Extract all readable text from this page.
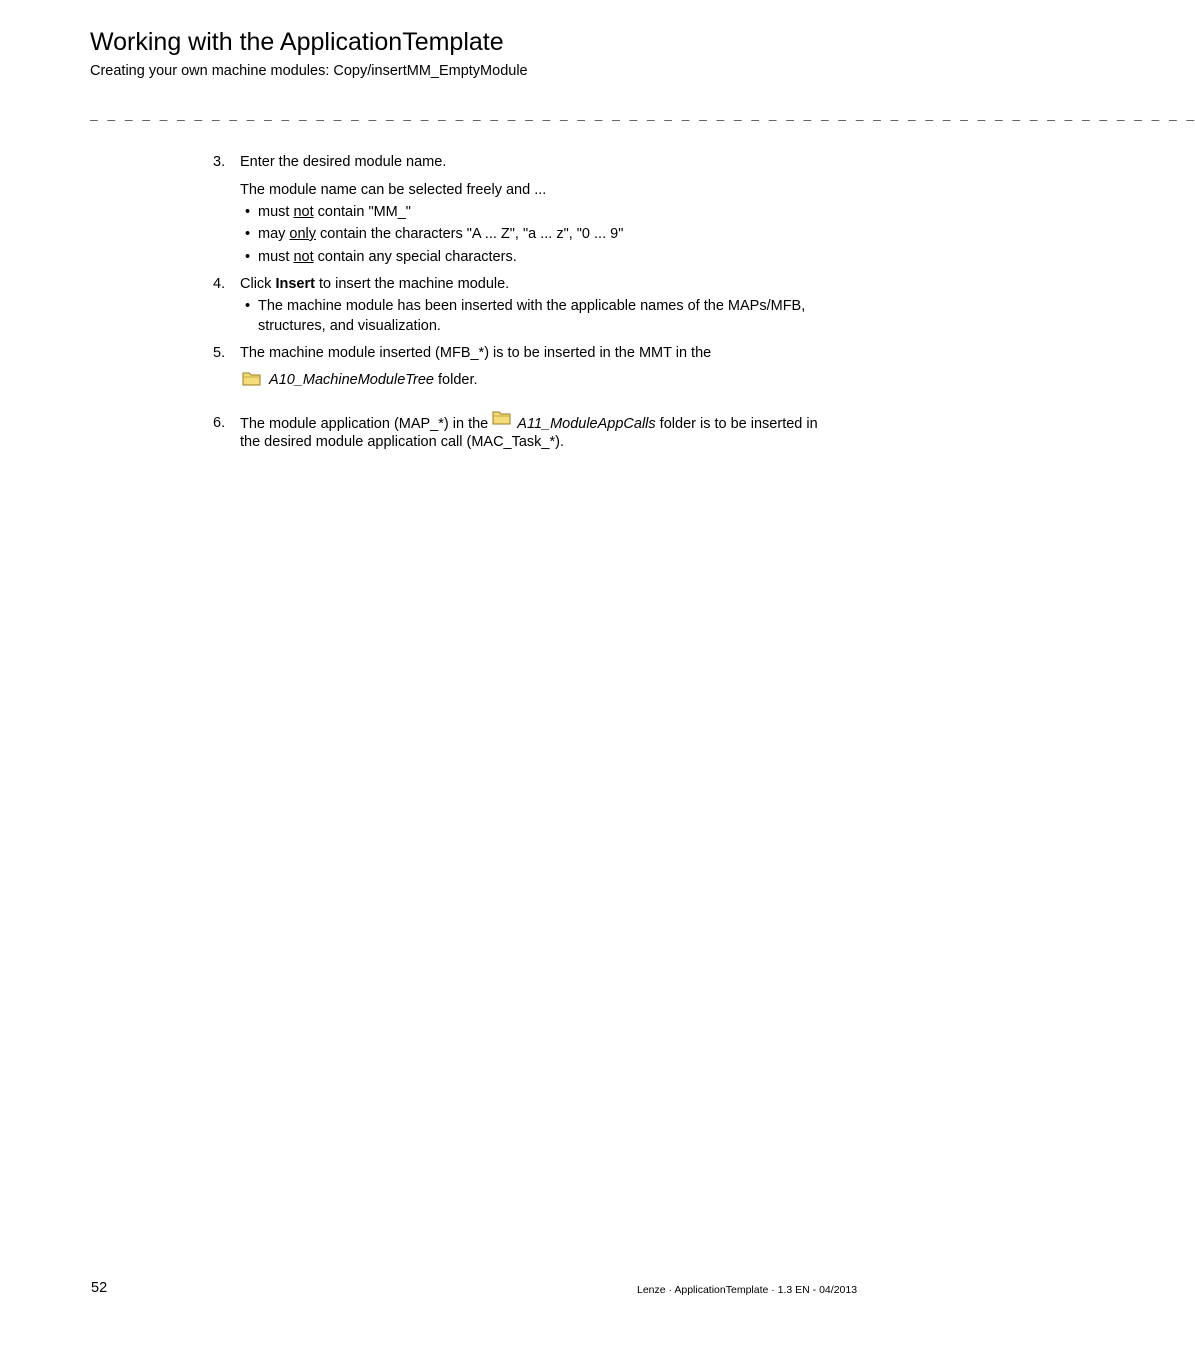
Working with the ApplicationTemplate
Creating your own machine modules: Copy/insertMM_EmptyModule
_ _ _ _ _ _ _ _ _ _ _ _ _ _ _ _ _ _ _ _ _ _ _ _ _ _ _ _ _ _ _ _ _ _ _ _ _ _ _ _ _ _ _ _ _ _ _ _ _ _ _ _ _ _ _ _ _ _ _ _ _ _ _ _
3. Enter the desired module name.
The module name can be selected freely and ...
• must not contain "MM_"
• may only contain the characters "A ... Z", "a ... z", "0 ... 9"
• must not contain any special characters.
4. Click Insert to insert the machine module.
• The machine module has been inserted with the applicable names of the MAPs/MFB,
structures, and visualization.
5. The machine module inserted (MFB_*) is to be inserted in the MMT in the
A10_MachineModuleTree folder.
6. The module application (MAP_*) in the A11_ModuleAppCalls folder is to be inserted in
the desired module application call (MAC_Task_*).
52	Lenze · ApplicationTemplate · 1.3 EN - 04/2013
